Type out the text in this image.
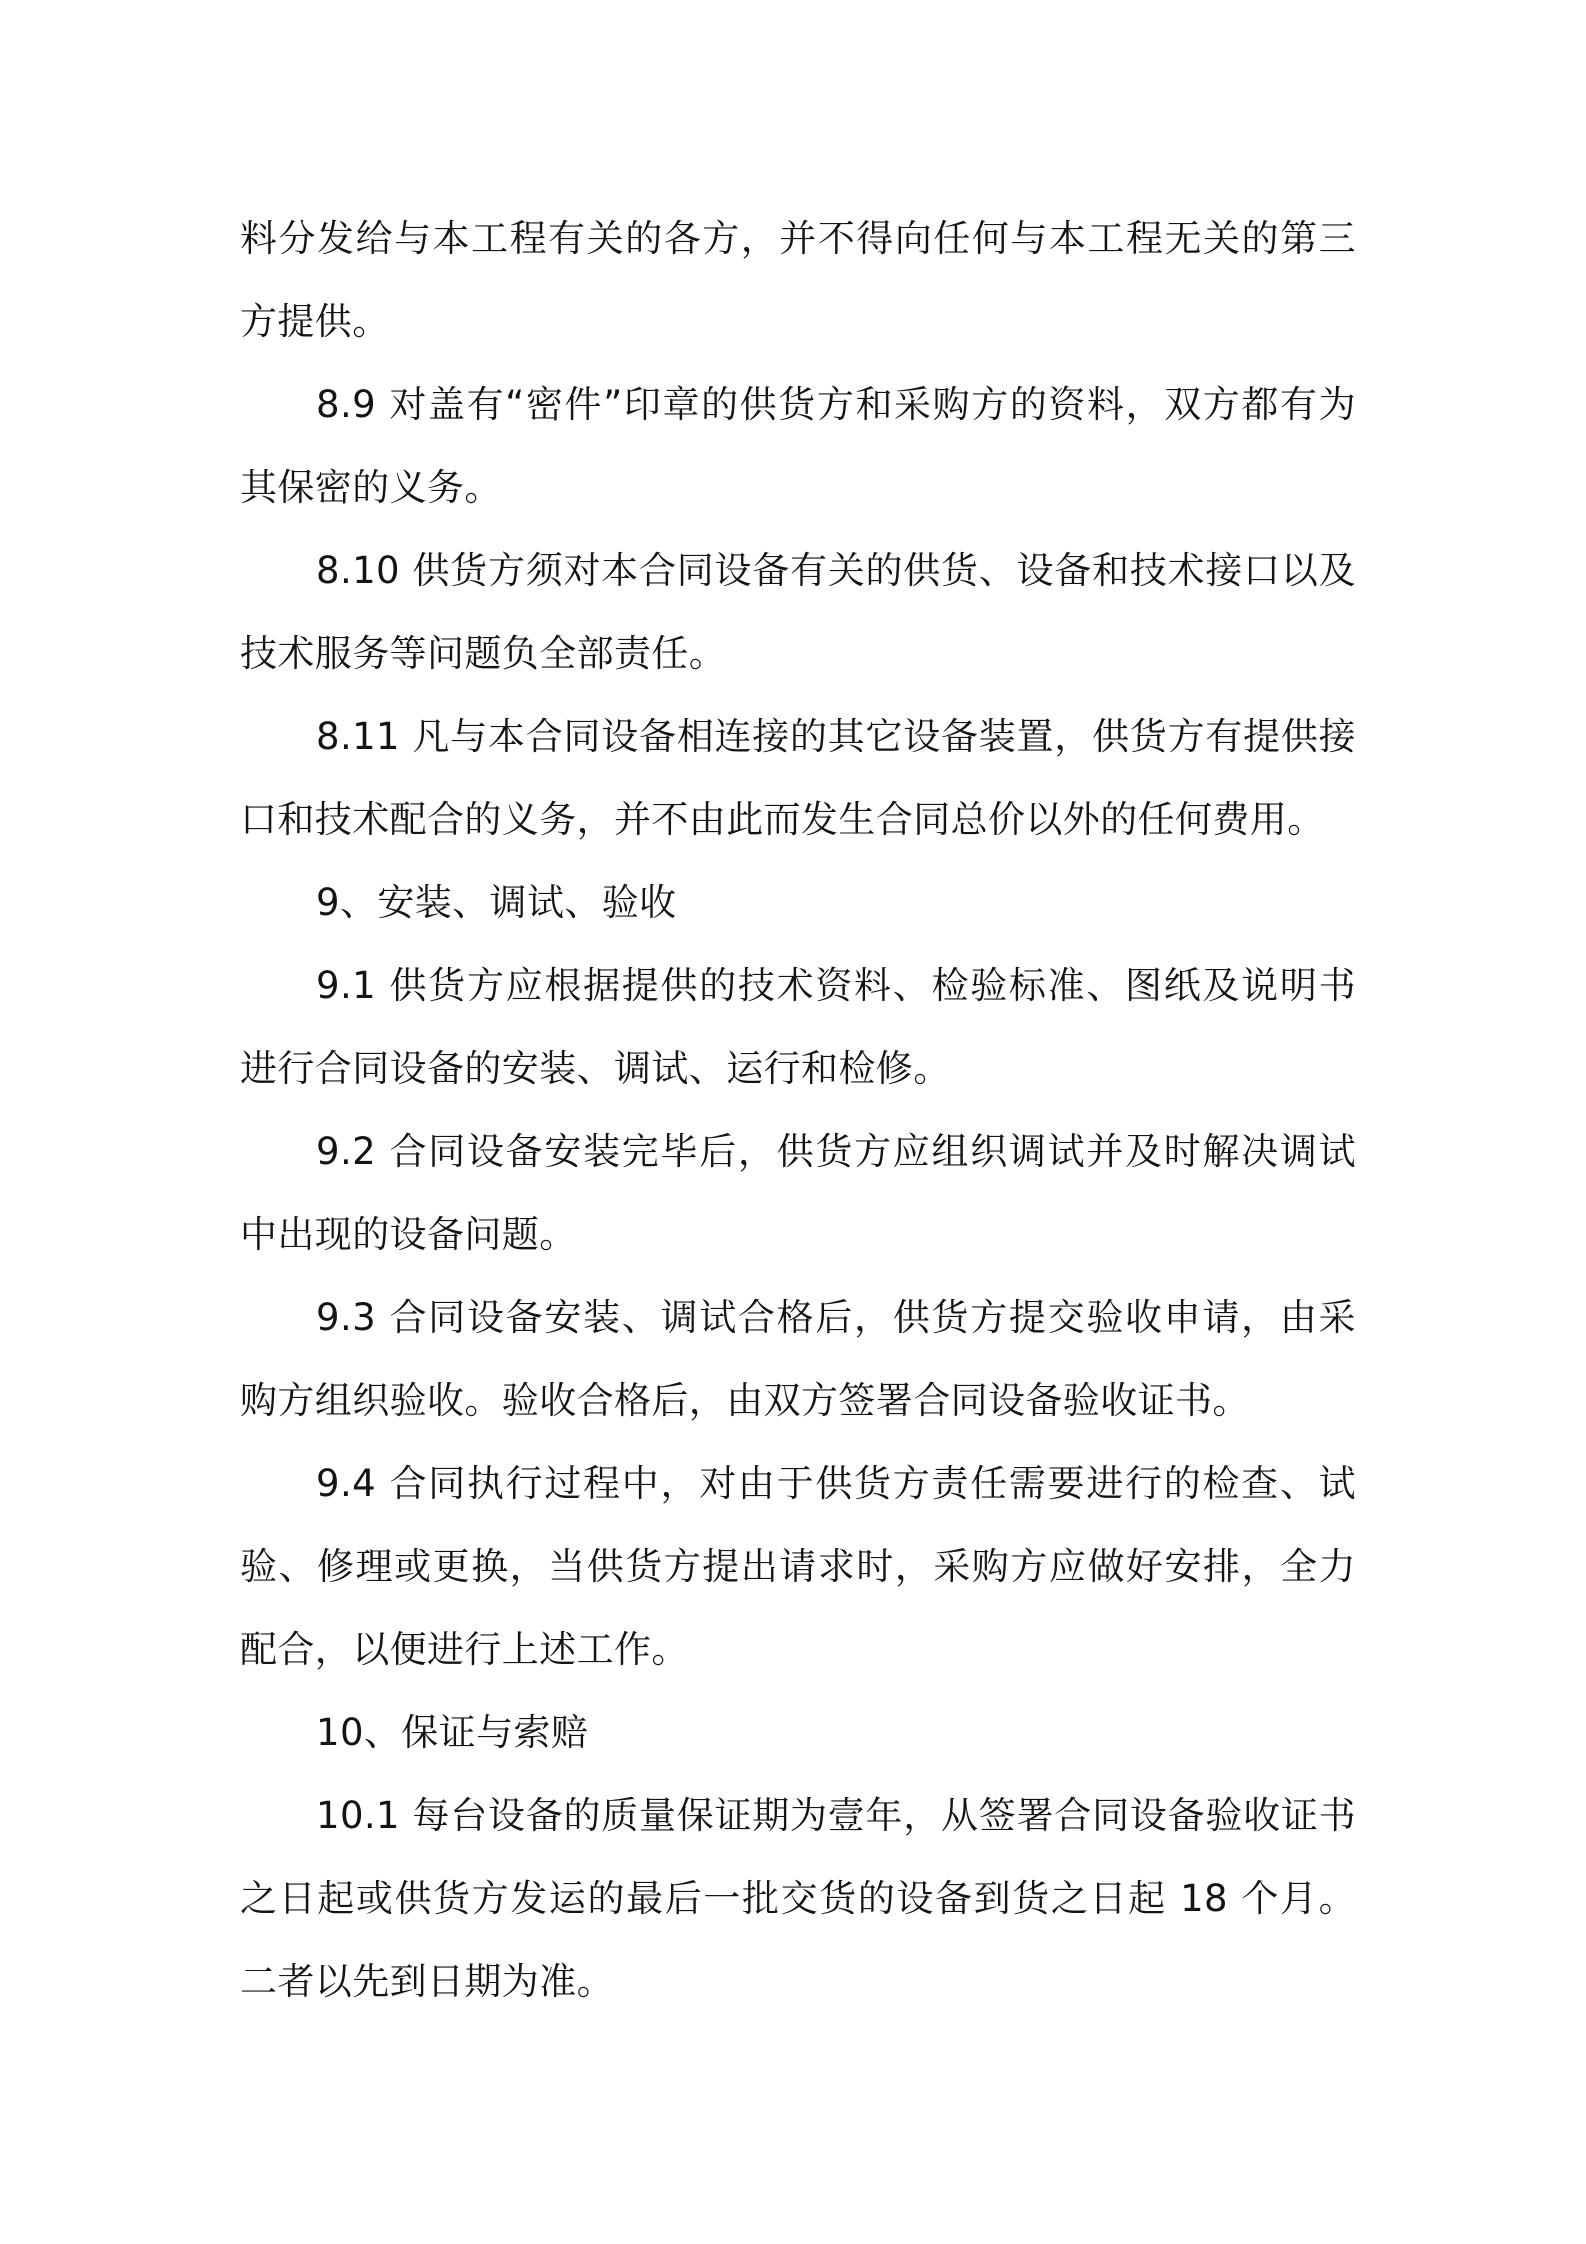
料分发给与本工程有关的各方，并不得向任何与本工程无关的第三方提供。

8.9 对盖有“密件”印章的供货方和采购方的资料，双方都有为其保密的义务。

8.10 供货方须对本合同设备有关的供货、设备和技术接口以及技术服务等问题负全部责任。

8.11 凡与本合同设备相连接的其它设备装置，供货方有提供接口和技术配合的义务，并不由此而发生合同总价以外的任何费用。

9、安装、调试、验收

9.1 供货方应根据提供的技术资料、检验标准、图纸及说明书进行合同设备的安装、调试、运行和检修。

9.2 合同设备安装完毕后，供货方应组织调试并及时解决调试中出现的设备问题。

9.3 合同设备安装、调试合格后，供货方提交验收申请，由采购方组织验收。验收合格后，由双方签署合同设备验收证书。

9.4 合同执行过程中，对由于供货方责任需要进行的检查、试验、修理或更换，当供货方提出请求时，采购方应做好安排，全力配合，以便进行上述工作。

10、保证与索赔

10.1 每台设备的质量保证期为壹年，从签署合同设备验收证书之日起或供货方发运的最后一批交货的设备到货之日起 18 个月。二者以先到日期为准。
